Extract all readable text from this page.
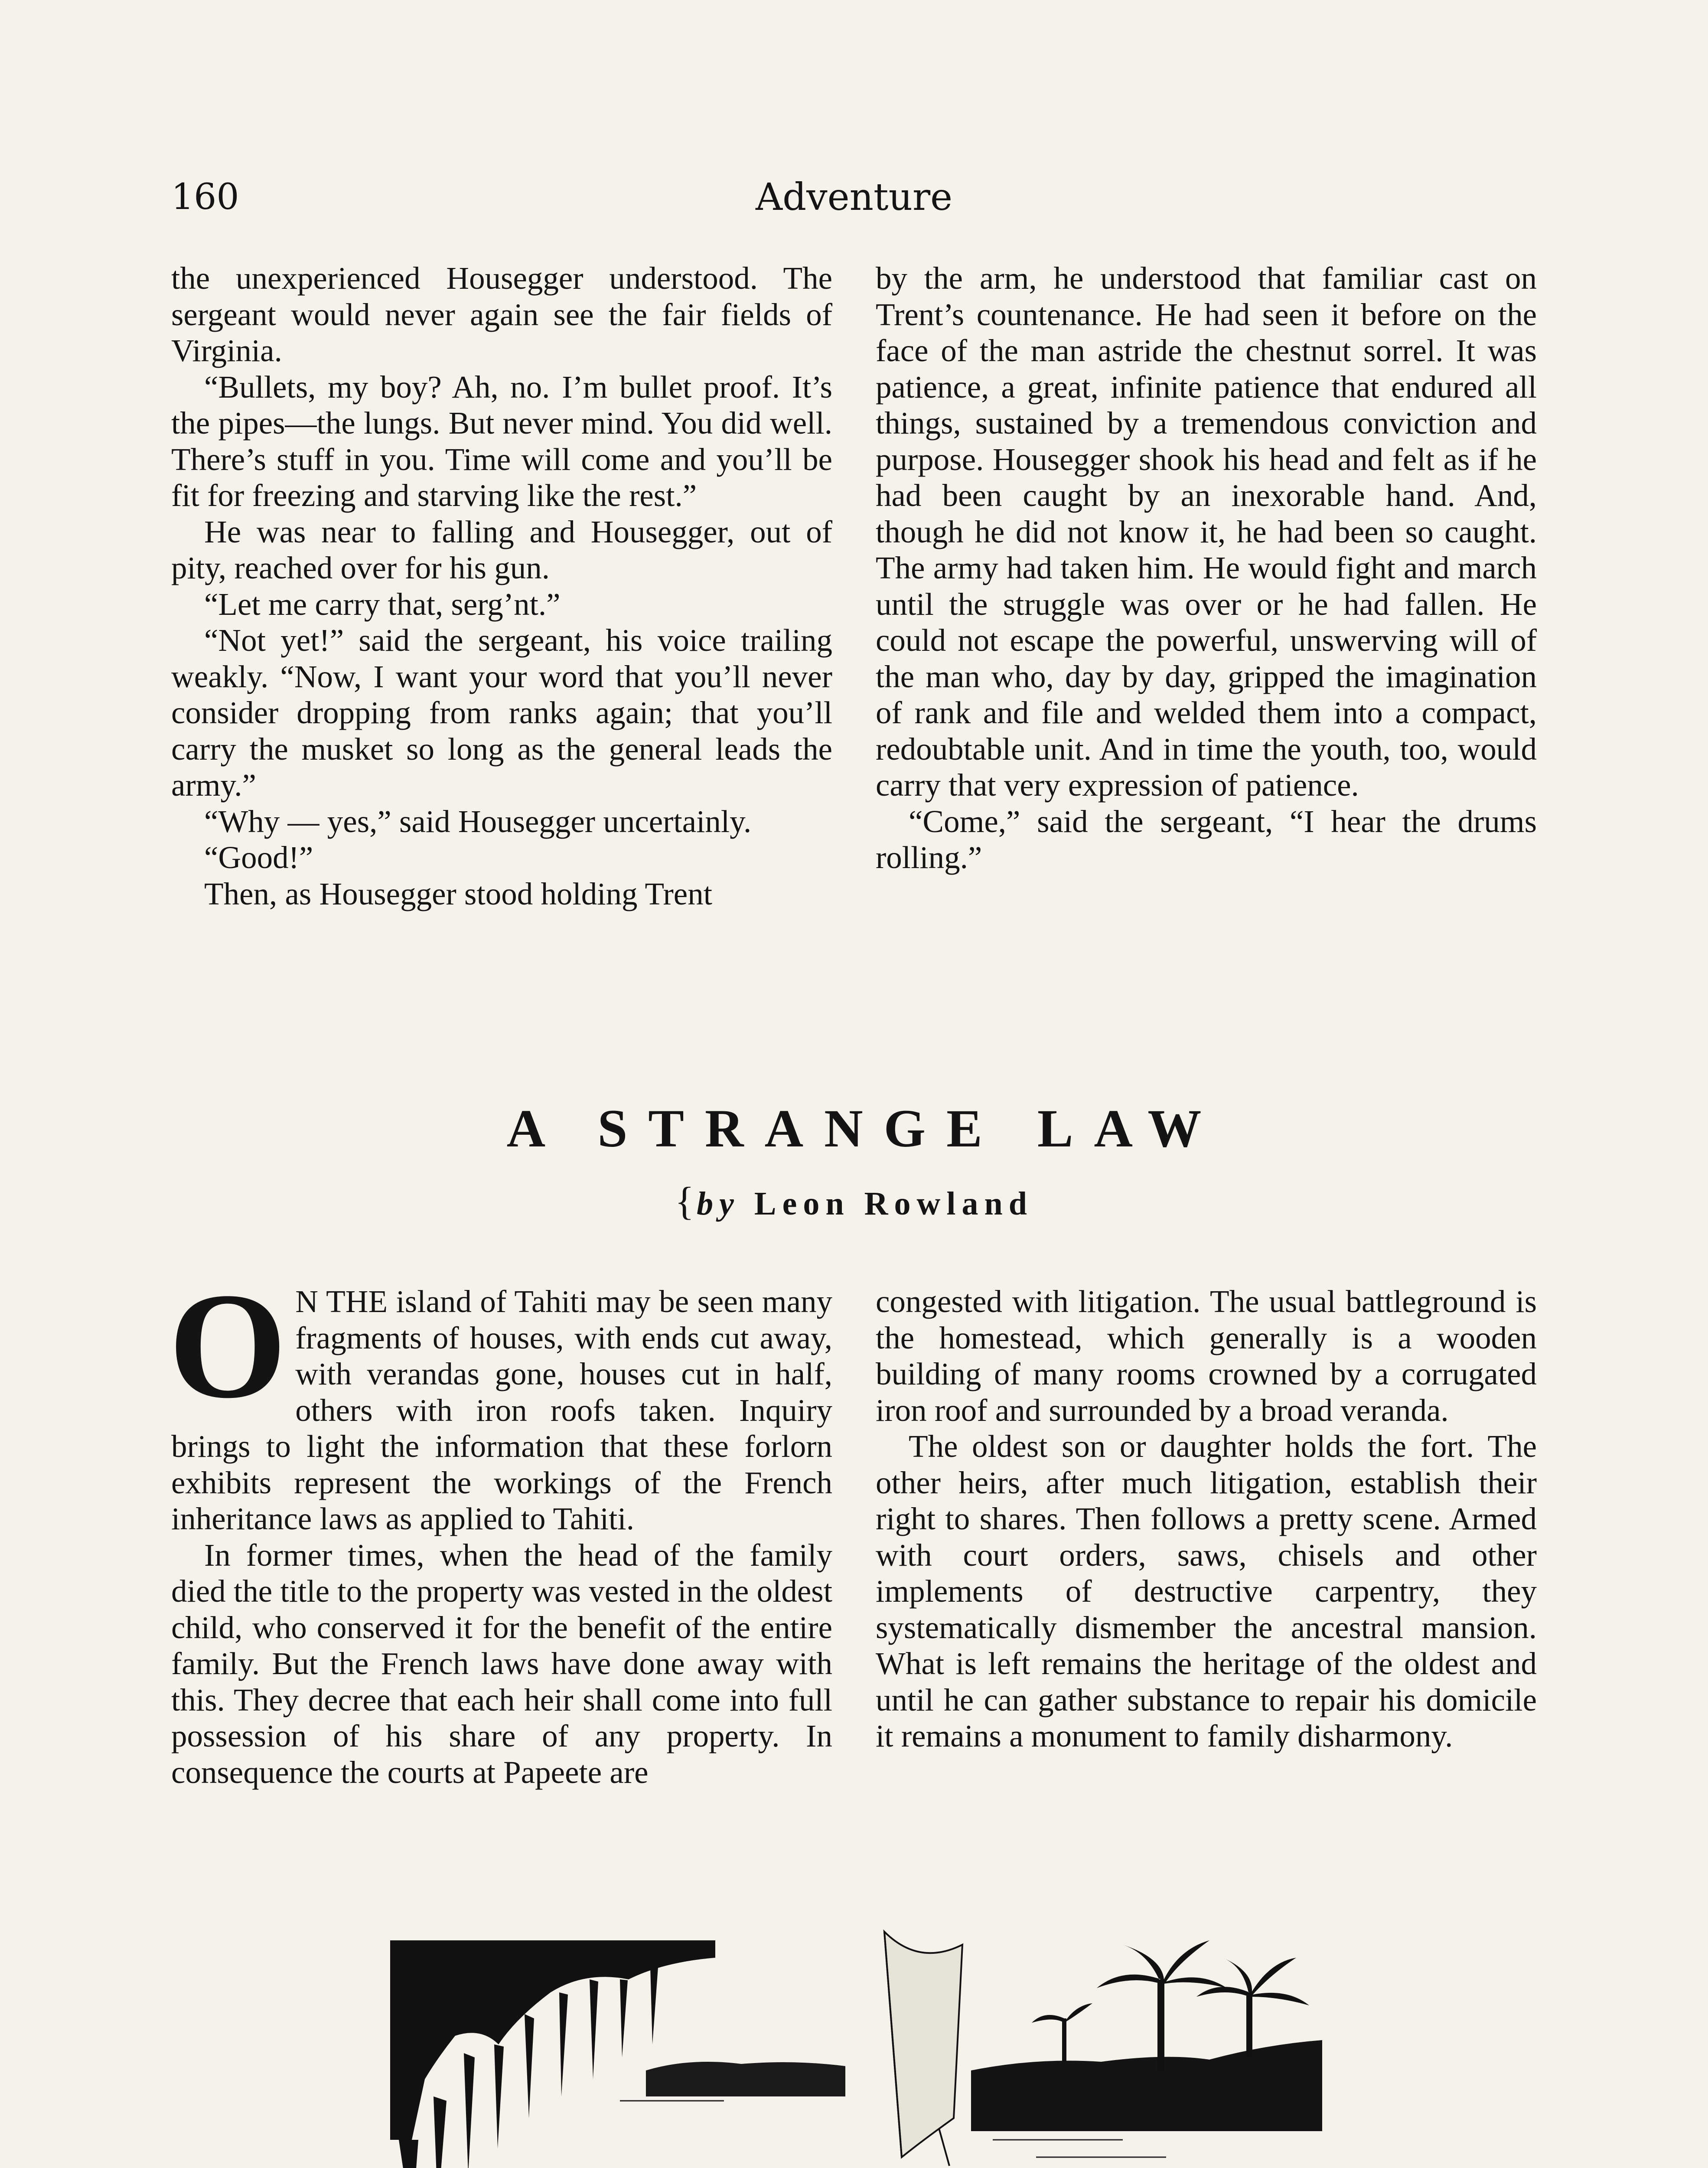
160	Adventure

the unexperienced Housegger understood. The sergeant would never again see the fair fields of Virginia.

“Bullets, my boy? Ah, no. I’m bullet proof. It’s the pipes—the lungs. But never mind. You did well. There’s stuff in you. Time will come and you’ll be fit for freezing and starving like the rest.”

He was near to falling and Housegger, out of pity, reached over for his gun.

“Let me carry that, serg’nt.”

“Not yet!” said the sergeant, his voice trailing weakly. “Now, I want your word that you’ll never consider dropping from ranks again; that you’ll carry the musket so long as the general leads the army.”

“Why — yes,” said Housegger uncertainly.

“Good!”

Then, as Housegger stood holding Trent

by the arm, he understood that familiar cast on Trent’s countenance. He had seen it before on the face of the man astride the chestnut sorrel. It was patience, a great, infinite patience that endured all things, sustained by a tremendous conviction and purpose. Housegger shook his head and felt as if he had been caught by an inexorable hand. And, though he did not know it, he had been so caught. The army had taken him. He would fight and march until the struggle was over or he had fallen. He could not escape the powerful, unswerving will of the man who, day by day, gripped the imagination of rank and file and welded them into a compact, redoubtable unit. And in time the youth, too, would carry that very expression of patience.

“Come,” said the sergeant, “I hear the drums rolling.”

A STRANGE LAW
{by Leon Rowland

O N THE island of Tahiti may be seen many fragments of houses, with ends cut away, with verandas gone, houses cut in half, others with iron roofs taken. Inquiry brings to light the information that these forlorn exhibits represent the workings of the French inheritance laws as applied to Tahiti.

In former times, when the head of the family died the title to the property was vested in the oldest child, who conserved it for the benefit of the entire family. But the French laws have done away with this. They decree that each heir shall come into full possession of his share of any property. In consequence the courts at Papeete are

congested with litigation. The usual battleground is the homestead, which generally is a wooden building of many rooms crowned by a corrugated iron roof and surrounded by a broad veranda.

The oldest son or daughter holds the fort. The other heirs, after much litigation, establish their right to shares. Then follows a pretty scene. Armed with court orders, saws, chisels and other implements of destructive carpentry, they systematically dismember the ancestral mansion. What is left remains the heritage of the oldest and until he can gather substance to repair his domicile it remains a monument to family disharmony.
